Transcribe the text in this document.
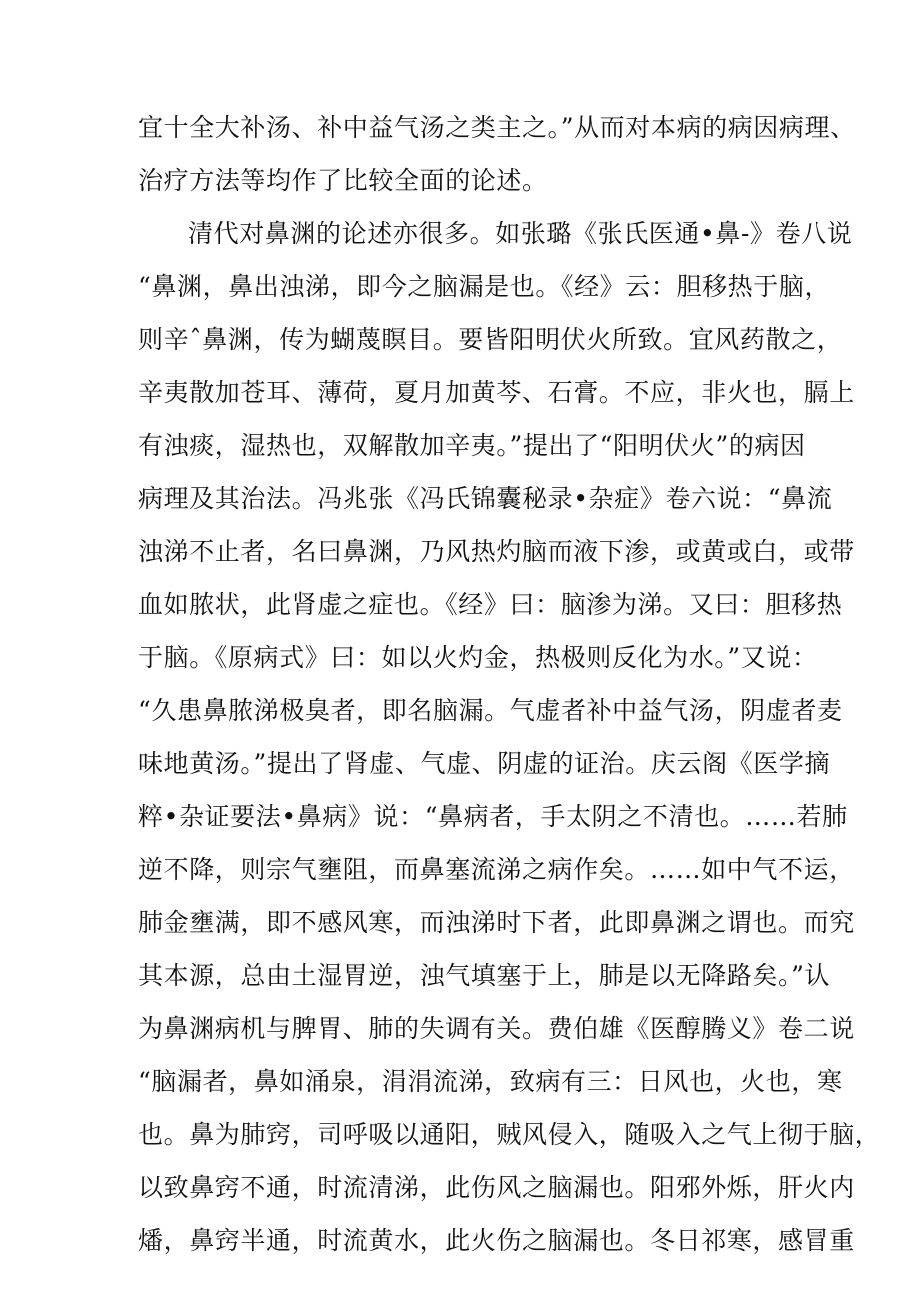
宜十全大补汤、补中益气汤之类主之。”从而对本病的病因病理、
治疗方法等均作了比较全面的论述。
清代对鼻渊的论述亦很多。如张璐《张氏医通•鼻-》卷八说
“鼻渊，鼻出浊涕，即今之脑漏是也。《经》云：胆移热于脑，
则辛ˆ鼻渊，传为蝴蔑瞑目。要皆阳明伏火所致。宜风药散之，
辛夷散加苍耳、薄荷，夏月加黄芩、石膏。不应，非火也，膈上
有浊痰，湿热也，双解散加辛夷。”提出了“阳明伏火”的病因
病理及其治法。冯兆张《冯氏锦囊秘录•杂症》卷六说：“鼻流
浊涕不止者，名曰鼻渊，乃风热灼脑而液下渗，或黄或白，或带
血如脓状，此肾虚之症也。《经》曰：脑渗为涕。又曰：胆移热
于脑。《原病式》曰：如以火灼金，热极则反化为水。”又说：
“久患鼻脓涕极臭者，即名脑漏。气虚者补中益气汤，阴虚者麦
味地黄汤。”提出了肾虚、气虚、阴虚的证治。庆云阁《医学摘
粹•杂证要法•鼻病》说：“鼻病者，手太阴之不清也。……若肺
逆不降，则宗气壅阻，而鼻塞流涕之病作矣。……如中气不运，
肺金壅满，即不感风寒，而浊涕时下者，此即鼻渊之谓也。而究
其本源，总由土湿胃逆，浊气填塞于上，肺是以无降路矣。”认
为鼻渊病机与脾胃、肺的失调有关。费伯雄《医醇腾义》卷二说
“脑漏者，鼻如涌泉，涓涓流涕，致病有三：日风也，火也，寒
也。鼻为肺窍，司呼吸以通阳，贼风侵入，随吸入之气上彻于脑，
以致鼻窍不通，时流清涕，此伤风之脑漏也。阳邪外烁，肝火内
燔，鼻窍半通，时流黄水，此火伤之脑漏也。冬日祁寒，感冒重
